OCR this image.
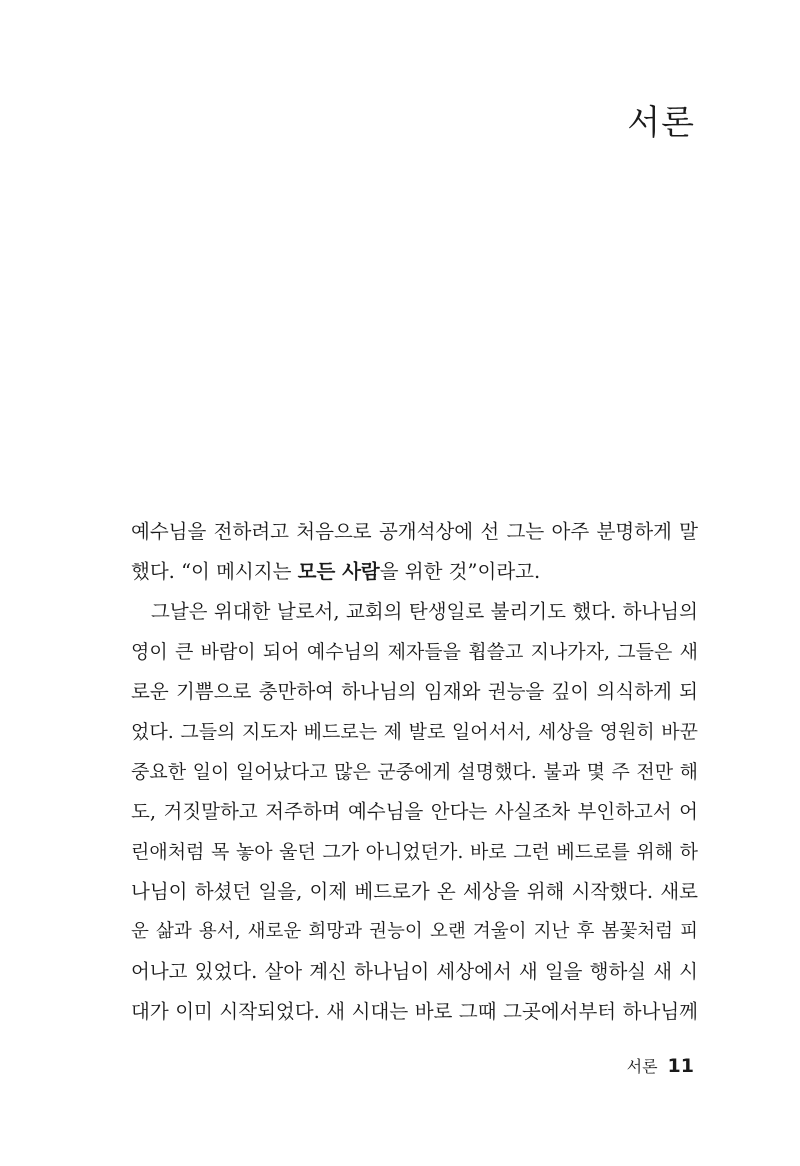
서론
예수님을 전하려고 처음으로 공개석상에 선 그는 아주 분명하게 말
했다. “이 메시지는 모든 사람을 위한 것”이라고.
그날은 위대한 날로서, 교회의 탄생일로 불리기도 했다. 하나님의
영이 큰 바람이 되어 예수님의 제자들을 휩쓸고 지나가자, 그들은 새
로운 기쁨으로 충만하여 하나님의 임재와 권능을 깊이 의식하게 되
었다. 그들의 지도자 베드로는 제 발로 일어서서, 세상을 영원히 바꾼
중요한 일이 일어났다고 많은 군중에게 설명했다. 불과 몇 주 전만 해
도, 거짓말하고 저주하며 예수님을 안다는 사실조차 부인하고서 어
린애처럼 목 놓아 울던 그가 아니었던가. 바로 그런 베드로를 위해 하
나님이 하셨던 일을, 이제 베드로가 온 세상을 위해 시작했다. 새로
운 삶과 용서, 새로운 희망과 권능이 오랜 겨울이 지난 후 봄꽃처럼 피
어나고 있었다. 살아 계신 하나님이 세상에서 새 일을 행하실 새 시
대가 이미 시작되었다. 새 시대는 바로 그때 그곳에서부터 하나님께
서론 11
